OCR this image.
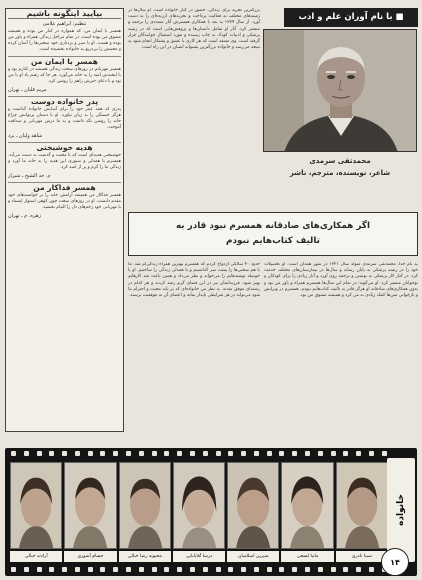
بیایید اینگونه باشیم
تنظیم: ابراهیم غلامی
همسر با ایمان من، که همواره در کنار من بوده و همیشه مشوق من بوده است، در تمام مراحل زندگی همراه و یاور من بوده و هست. او با صبر و بردباری خود سختی‌ها را آسان کرده و محبتش را بی‌دریغ به خانواده بخشیده است.
همسر با ایمان من
همسر مهربانم در روزهای سخت زندگی همیشه در کنارم بود و با لبخندش امید را به خانه می‌آورد. هر جا که رفتم یاد او با من بود و با دعای خیرش راهم را روشن کرد.
مریم قلیان ـ تهران
پدر خانواده دوست
پدری که همه عمر خود را برای آسایش خانواده گذاشت و هرگز خستگی را به زبان نیاورد. او با دستان پرتوانش چراغ خانه را روشن نگه داشت و به ما درس مهربانی و صداقت آموخت.
شاهد ولیان ـ یزد
هدیه خوشبختی
خوشبختی هدیه‌ای است که با محبت و گذشت به دست می‌آید. همسرم با همدلی و صبوری این هدیه را به خانه ما آورد و زندگی ما را گرم و پر از امید کرد.
م. جد الشیخ ـ شیراز
همسر فداکار من
همسر فداکار من همیشه آرامش خانه را بر خواسته‌های خود مقدم دانست. او در روزهای سخت چون کوهی استوار ایستاد و با مهربانی خود زخم‌های دل را التیام بخشید.
زهره. م ـ تهران
■ با نام آوران علم و ادب
بزرگترین تجربه برای زندگی، حضور در کنار خانواده است. او سال‌ها در زمینه‌های مختلف به فعالیت پرداخت و تجربه‌های ارزنده‌ای را به دست آورد. از سال ۱۳۷۹ به بعد با همکاری همسرش آثار متعددی را ترجمه و منتشر کرد. آثار او شامل داستان‌ها و پژوهش‌هایی است که در زمینه پزشکی و ادبیات کودک به چاپ رسیده و مورد استقبال خوانندگان قرار گرفته است. وی معتقد است که هر کاری با عشق و پشتکار انجام شود به نتیجه می‌رسد و خانواده بزرگترین پشتوانه انسان در این راه است.
محمدتقی سرمدی
شاعر، نویسنده، مترجم، ناشر
اگر همکاری‌های صادقانه همسرم نبود قادر به
تالیف کتاب‌هایم نبودم
به نام خدا. محمدتقی سرمدی متولد سال ۱۳۲۱ در شهر همدان است. او تحصیلات خود را در رشته پزشکی به پایان رساند و سال‌ها در بیمارستان‌های مختلف خدمت کرد. در کنار کار پزشکی به نوشتن و ترجمه روی آورد و آثار زیادی را برای کودکان و نوجوانان منتشر کرد. او می‌گوید: در تمام این سال‌ها همسرم همراه و یاور من بود و بدون همکاری‌های صادقانه او هرگز قادر به تالیف کتاب‌هایم نبودم. همسرم در ویرایش و بازخوانی متن‌ها کمک زیادی به من کرد و همیشه مشوق من بود.
حدود ۴۰ سالگی ازدواج کردم که همسرم بهترین همراه زندگی‌ام شد. ما با هم سختی‌ها را پشت سر گذاشتیم و با همدلی زندگی را ساختیم. او با حوصله نوشته‌هایم را می‌خواند و نظر می‌داد و همین باعث شد کارهایم بهتر شود. فرزندانمان نیز در این فضای گرم رشد کردند و هر کدام در رشته‌ای موفق شدند. به نظر من خانواده‌ای که بر پایه محبت و احترام بنا شود می‌تواند در هر شرایطی پایدار بماند و اعضای آن به موفقیت برسند.
سینا نادری
مانیا لسجی
شیرین اسلامیان
درسا آقابابایی
محبوبه رضا خیالی
حسام آشوری
آرادنه خیالی
خانواده
۱۴
